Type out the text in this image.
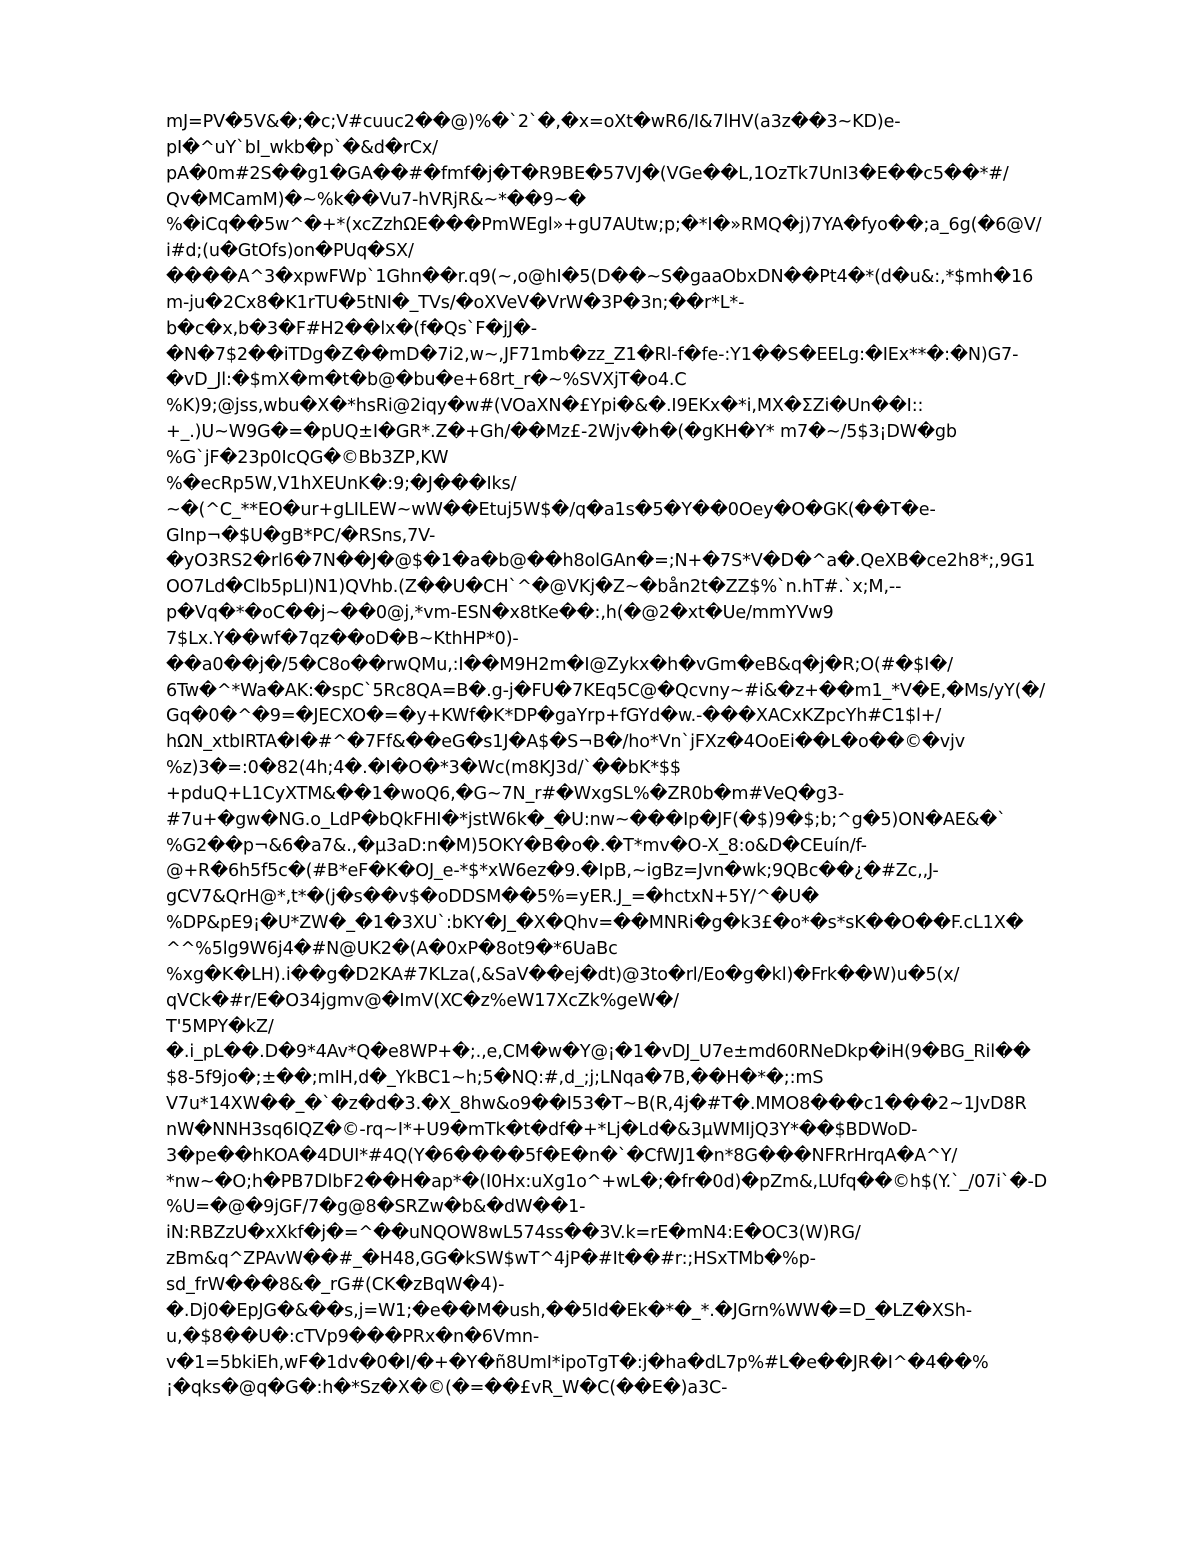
mJ=PV�5V&�;�c;V#cuuc2��@)%�`2`�,�x=oXt�wR6/I&7lHV(a3z��3~KD)e-
pI�^uY`bI_wkb�p`�&d�rCx/
pA�0m#2S��g1�GA��#�fmf�j�T�R9BE�57VJ�(VGe��L,1OzTk7UnI3�E��c5��*#/
Qv�MCamM)�~%k��Vu7-hVRjR&~*��9~�
%�iCq��5w^�+*(xcZzhΩE���PmWEgl»+gU7AUtw;p;�*I�»RMQ�j)7YA�fyo��;a_6g(�6@V/
i#d;(u�GtOfs)on�PUq�SX/
����A^3�xpwFWp`1Ghn��r.q9(~,o@hI�5(D��~S�gaaObxDN��Pt4�*(d�u&:,*$mh�16
m-ju�2Cx8�K1rTU�5tNI�_TVs/�oXVeV�VrW�3P�3n;��r*L*-
b�c�x,b�3�F#H2��lx�(f�Qs`F�jJ�-
�N�7$2��iTDg�Z��mD�7i2,w~,JF71mb�zz_Z1�Rl-f�fe-:Y1��S�EELg:�IEx**�:�N)G7-
�vD_Jl:�$mX�m�t�b@�bu�e+68rt_r�~%SVXjT�o4.C
%K)9;@jss,wbu�X�*hsRi@2iqy�w#(VOaXN�£Ypi�&�.I9EKx�*i,MX�ΣZi�Un��I::
+_.)U~W9G�=�pUQ±I�GR*.Z�+Gh/��Mz£-2Wjv�h�(�gKH�Y* m7�~/5$3¡DW�gb
%G`jF�23p0IcQG�©Bb3ZP,KW
%�ecRp5W,V1hXEUnK�:9;�J���Iks/
~�(^C_**EO�ur+gLILEW~wW��Etuj5W$�/q�a1s�5�Y��0Oey�O�GK(��T�e-
GInp¬�$U�gB*PC/�RSns,7V-
�yO3RS2�rl6�7N��J�@$�1�a�b@��h8olGAn�=;N+�7S*V�D�^a�.QeXB�ce2h8*;,9G1
OO7Ld�Clb5pLI)N1)QVhb.(Z��U�CH`^�@VKj�Z~�bån2t�ZZ$%`n.hT#.`x;M,--
p�Vq�*�oC��j~��0@j,*vm-ESN�x8tKe��:,h(�@2�xt�Ue/mmYVw9
7$Lx.Y��wf�7qz��oD�B~KthHP*0)-
��a0��j�/5�C8o��rwQMu,:I��M9H2m�I@Zykx�h�vGm�eB&q�j�R;O(#�$I�/
6Tw�^*Wa�AK:�spC`5Rc8QA=B�.g-j�FU�7KEq5C@�Qcvny~#i&�z+��m1_*V�E,�Ms/yY(�/
Gq�0�^�9=�JECXO�=�y+KWf�K*DP�gaYrp+fGYd�w.-���XACxKZpcYh#C1$l+/
hΩN_xtbIRTA�I�#^�7Ff&��eG�s1J�A$�S¬B�/ho*Vn`jFXz�4OoEi��L�o��©�vjv
%z)3�=:0�82(4h;4�.�I�O�*3�Wc(m8KJ3d/`��bK*$$
+pduQ+L1CyXTM&��1�woQ6,�G~7N_r#�WxgSL%�ZR0b�m#VeQ�g3-
#7u+�gw�NG.o_LdP�bQkFHI�*jstW6k�_�U:nw~���Ip�JF(�$)9�$;b;^g�5)ON�AE&�`
%G2��p¬&6�a7&.,�µ3aD:n�M)5OKY�B�o�.�T*mv�O-X_8:o&D�CEuín/f-
@+R�6h5f5c�(#B*eF�K�OJ_e-*$*xW6ez�9.�IpB,~igBz=Jvn�wk;9QBc��¿�#Zc,,J-
gCV7&QrH@*,t*�(j�s��v$�oDDSM��5%=yER.J_=�hctxN+5Y/^�U�
%DP&pE9¡�U*ZW�_�1�3XU`:bKY�J_�X�Qhv=��MNRi�g�k3£�o*�s*sK��O��F.cL1X�
^^%5lg9W6j4�#N@UK2�(A�0xP�8ot9�*6UaBc
%xg�K�LH).i��g�D2KA#7KLza(,&SaV��ej�dt)@3to�rl/Eo�g�kl)�Frk��W)u�5(x/
qVCk�#r/E�O34jgmv@�ImV(XC�z%eW17XcZk%geW�/
T'5MPY�kZ/
�.i_pL��.D�9*4Av*Q�e8WP+�;.,e,CM�w�Y@¡�1�vDJ_U7e±md60RNeDkp�iH(9�BG_Ril��
$8-5f9jo�;±��;mIH,d�_YkBC1~h;5�NQ:#,d_;j;LNqa�7B,��H�*�;:mS
V7u*14XW��_�`�z�d�3.�X_8hw&o9��I53�T~B(R,4j�#T�.MMO8���c1���2~1JvD8R
nW�NNH3sq6IQZ�©-rq~I*+U9�mTk�t�df�+*Lj�Ld�&3µWMIjQ3Y*��$BDWoD-
3�pe��hKOA�4DUI*#4Q(Y�6����5f�E�n�`�CfWJ1�n*8G���NFRrHrqA�A^Y/
*nw~�O;h�PB7DlbF2��H�ap*�(I0Hx:uXg1o^+wL�;�fr�0d)�pZm&,LUfq��©h$(Y.`_/07i`�-D
%U=�@�9jGF/7�g@8�SRZw�b&�dW��1-
iN:RBZzU�xXkf�j�=^��uNQOW8wL574ss��3V.k=rE�mN4:E�OC3(W)RG/
zBm&q^ZPAvW��#_�H48,GG�kSW$wT^4jP�#It��#r:;HSxTMb�%p-
sd_frW���8&�_rG#(CK�zBqW�4)-
�.Dj0�EpJG�&��s,j=W1;�e��M�ush,��5Id�Ek�*�_*.�JGrn%WW�=D_�LZ�XSh-
u,�$8��U�:cTVp9���PRx�n�6Vmn-
v�1=5bkiEh,wF�1dv�0�I/�+�Y�ñ8UmI*ipoTgT�:j�ha�dL7p%#L�e��JR�I^�4��%
¡�qks�@q�G�:h�*Sz�X�©(�=��£vR_W�C(��E�)a3C-
